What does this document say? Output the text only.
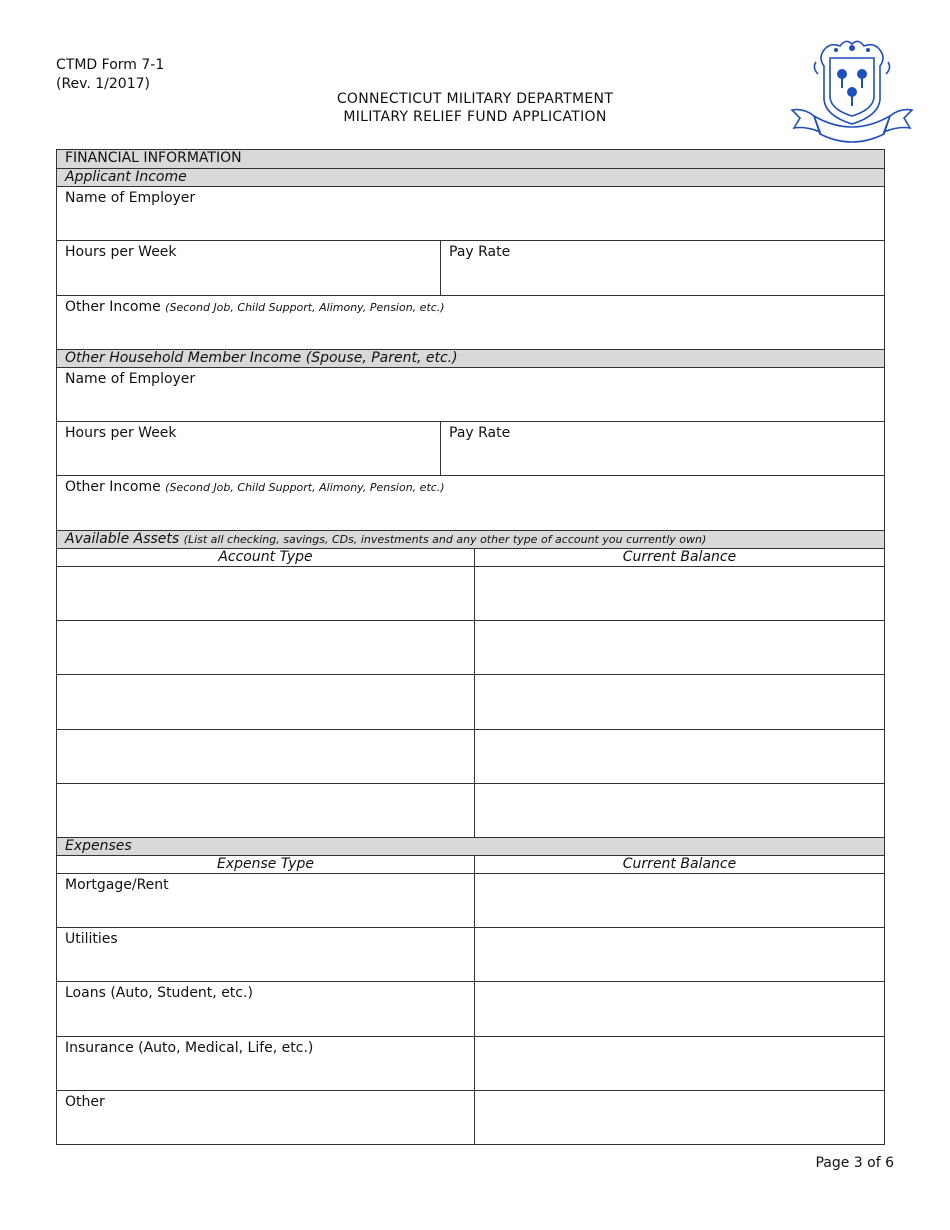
CTMD Form 7-1
(Rev. 1/2017)
CONNECTICUT MILITARY DEPARTMENT
MILITARY RELIEF FUND APPLICATION
FINANCIAL INFORMATION
Applicant Income
Name of Employer
Hours per Week	Pay Rate
Other Income (Second Job, Child Support, Alimony, Pension, etc.)
Other Household Member Income (Spouse, Parent, etc.)
Name of Employer
Hours per Week	Pay Rate
Other Income (Second Job, Child Support, Alimony, Pension, etc.)
Available Assets
(List all checking, savings, CDs, investments and any other type of account you currently own)
Account Type	Current Balance
Expenses
Expense Type	Current Balance
Mortgage/Rent
Utilities
Loans (Auto, Student, etc.)
Insurance (Auto, Medical, Life, etc.)
Other
Page 3 of 6
